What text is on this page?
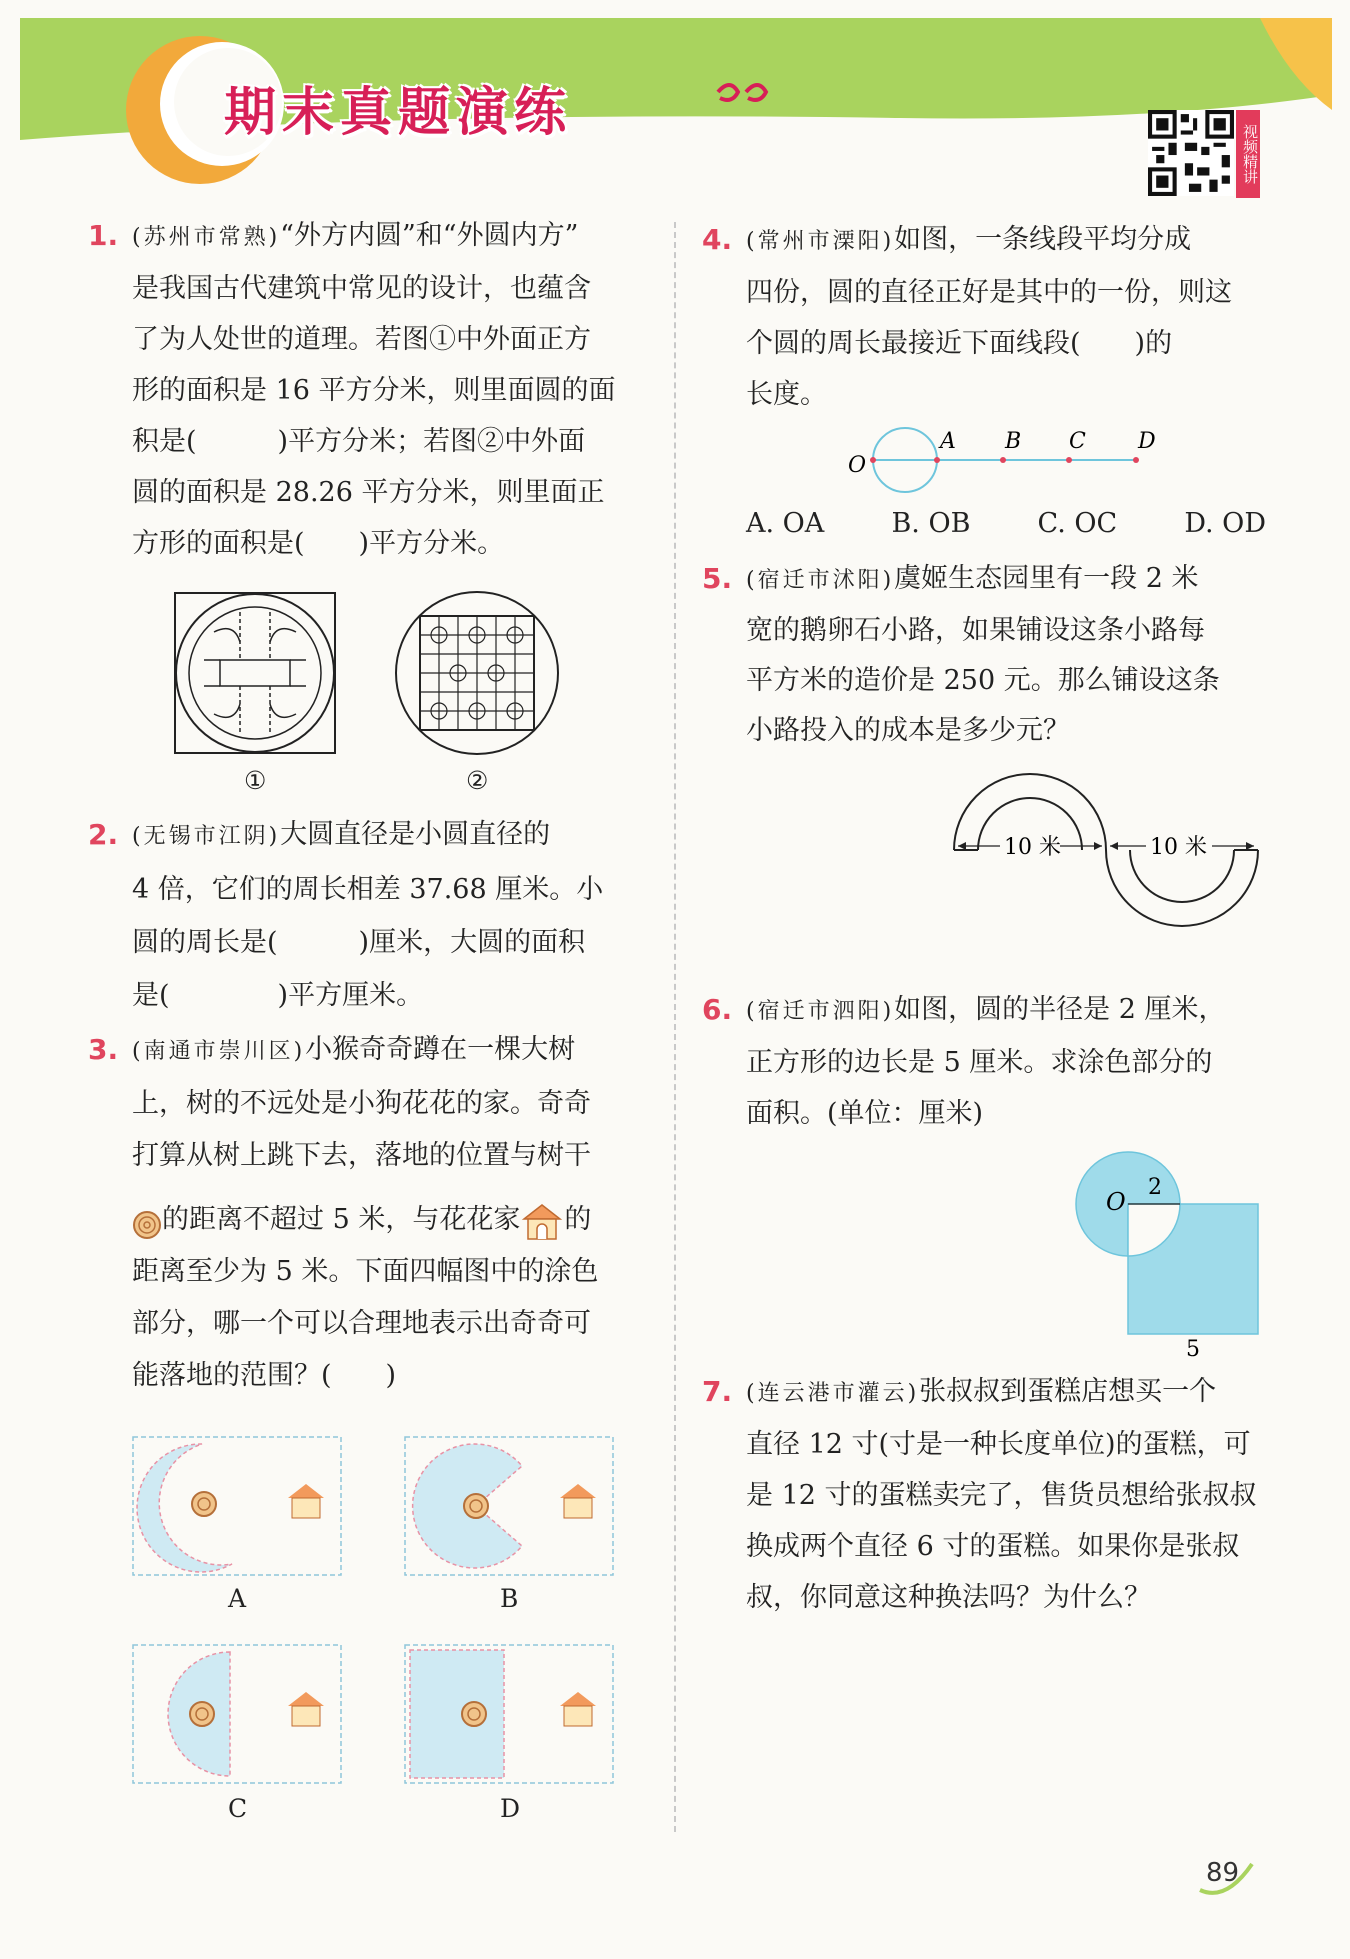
期末真题演练
视频精讲
1. (苏州市常熟)“外方内圆”和“外圆内方”

是我国古代建筑中常见的设计，也蕴含

了为人处世的道理。若图①中外面正方

形的面积是 16 平方分米，则里面圆的面

积是(　　　)平方分米；若图②中外面

圆的面积是 28.26 平方分米，则里面正

方形的面积是(　　)平方分米。

①	②
2. (无锡市江阴)大圆直径是小圆直径的

4 倍，它们的周长相差 37.68 厘米。小

圆的周长是(　　　)厘米，大圆的面积

是(　　　　)平方厘米。

3. (南通市崇川区)小猴奇奇蹲在一棵大树

上，树的不远处是小狗花花的家。奇奇

打算从树上跳下去，落地的位置与树干

的距离不超过 5 米，与花花家 的

距离至少为 5 米。下面四幅图中的涂色

部分，哪一个可以合理地表示出奇奇可

能落地的范围？(　　)

A	B
C	D
4. (常州市溧阳)如图，一条线段平均分成

四份，圆的直径正好是其中的一份，则这

个圆的周长最接近下面线段(　　)的

长度。

O
A B C D
A. OA B. OB C. OC D. OD
5. (宿迁市沭阳)虞姬生态园里有一段 2 米

宽的鹅卵石小路，如果铺设这条小路每

平方米的造价是 250 元。那么铺设这条

小路投入的成本是多少元？

10 米	10 米
6. (宿迁市泗阳)如图，圆的半径是 2 厘米，

正方形的边长是 5 厘米。求涂色部分的

面积。(单位：厘米)

O
2
5
7. (连云港市灌云)张叔叔到蛋糕店想买一个

直径 12 寸(寸是一种长度单位)的蛋糕，可

是 12 寸的蛋糕卖完了，售货员想给张叔叔

换成两个直径 6 寸的蛋糕。如果你是张叔

叔，你同意这种换法吗？为什么？

89
